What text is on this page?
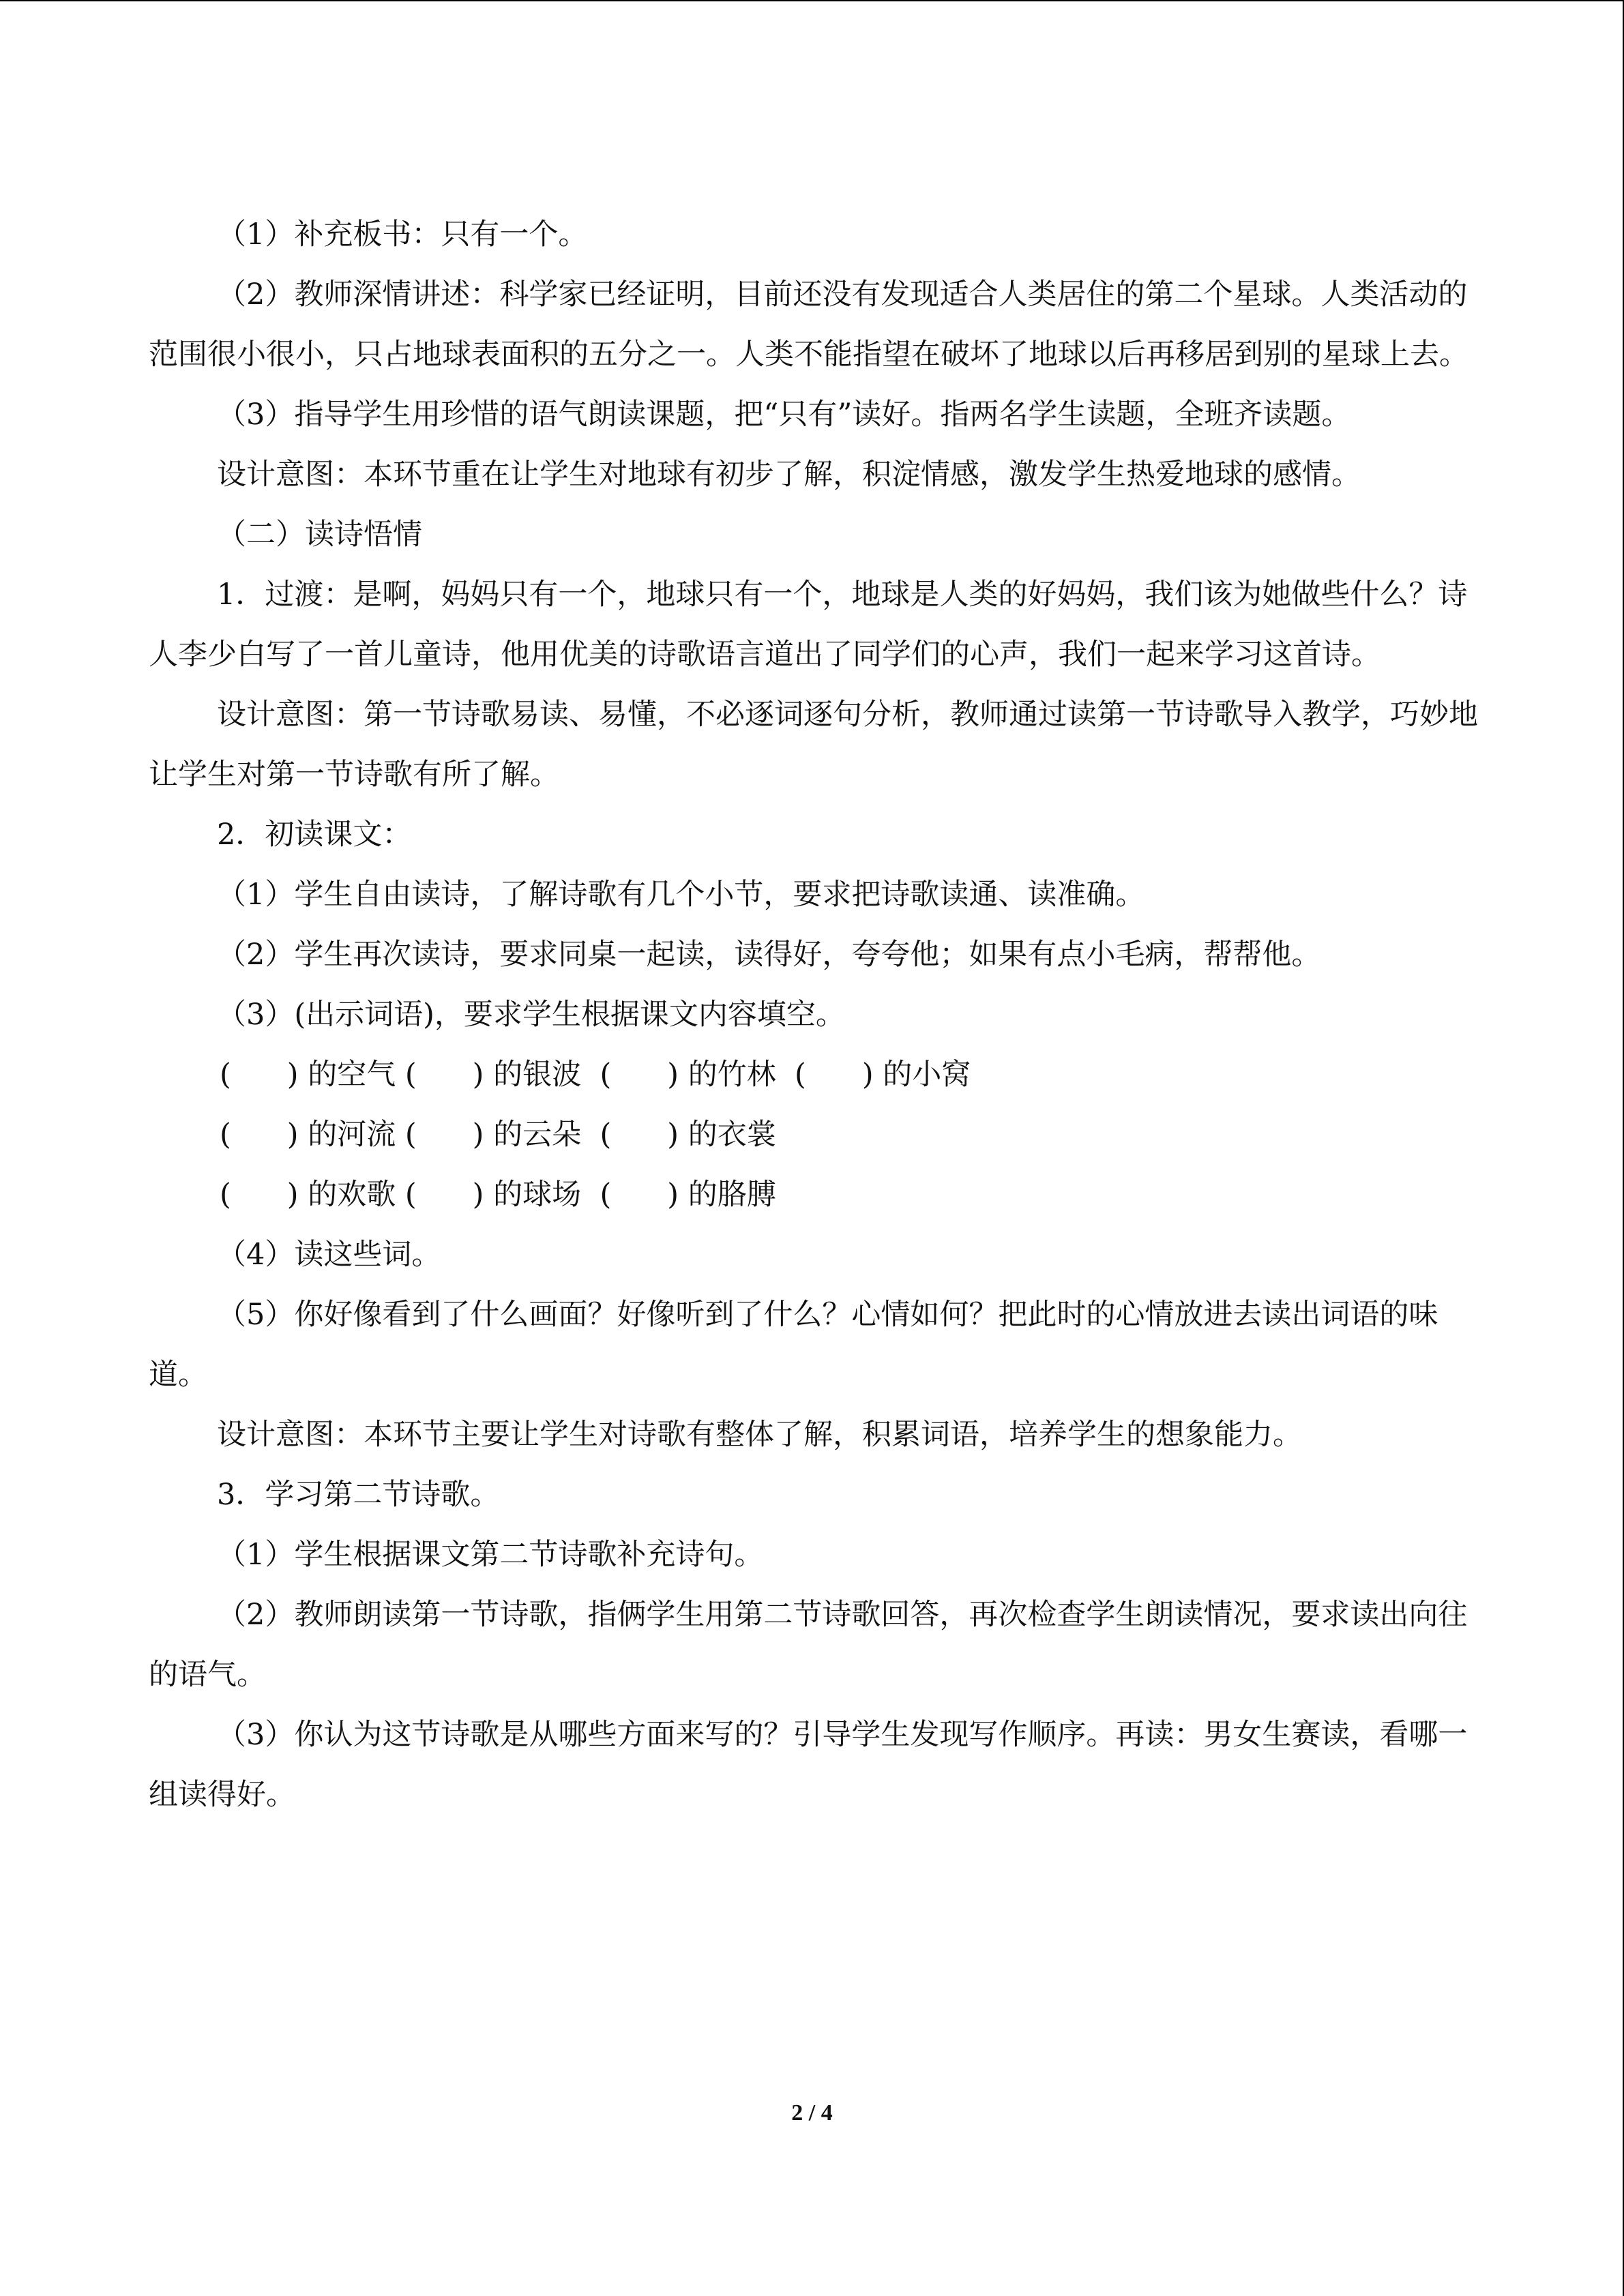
（1）补充板书：只有一个。

（2）教师深情讲述：科学家已经证明，目前还没有发现适合人类居住的第二个星球。人类活动的范围很小很小，只占地球表面积的五分之一。人类不能指望在破坏了地球以后再移居到别的星球上去。

（3）指导学生用珍惜的语气朗读课题，把“只有”读好。指两名学生读题，全班齐读题。

设计意图：本环节重在让学生对地球有初步了解，积淀情感，激发学生热爱地球的感情。

（二）读诗悟情

1．过渡：是啊，妈妈只有一个，地球只有一个，地球是人类的好妈妈，我们该为她做些什么？诗人李少白写了一首儿童诗，他用优美的诗歌语言道出了同学们的心声，我们一起来学习这首诗。

设计意图：第一节诗歌易读、易懂，不必逐词逐句分析，教师通过读第一节诗歌导入教学，巧妙地让学生对第一节诗歌有所了解。

2．初读课文：

（1）学生自由读诗，了解诗歌有几个小节，要求把诗歌读通、读准确。

（2）学生再次读诗，要求同桌一起读，读得好，夸夸他；如果有点小毛病，帮帮他。

（3）(出示词语)，要求学生根据课文内容填空。

(      ) 的空气 (      ) 的银波  (      ) 的竹林  (      ) 的小窝

(      ) 的河流 (      ) 的云朵  (      ) 的衣裳

(      ) 的欢歌 (      ) 的球场  (      ) 的胳膊

（4）读这些词。

（5）你好像看到了什么画面？好像听到了什么？心情如何？把此时的心情放进去读出词语的味道。

设计意图：本环节主要让学生对诗歌有整体了解，积累词语，培养学生的想象能力。

3．学习第二节诗歌。

（1）学生根据课文第二节诗歌补充诗句。

（2）教师朗读第一节诗歌，指俩学生用第二节诗歌回答，再次检查学生朗读情况，要求读出向往的语气。

（3）你认为这节诗歌是从哪些方面来写的？引导学生发现写作顺序。再读：男女生赛读，看哪一组读得好。

2 / 4
